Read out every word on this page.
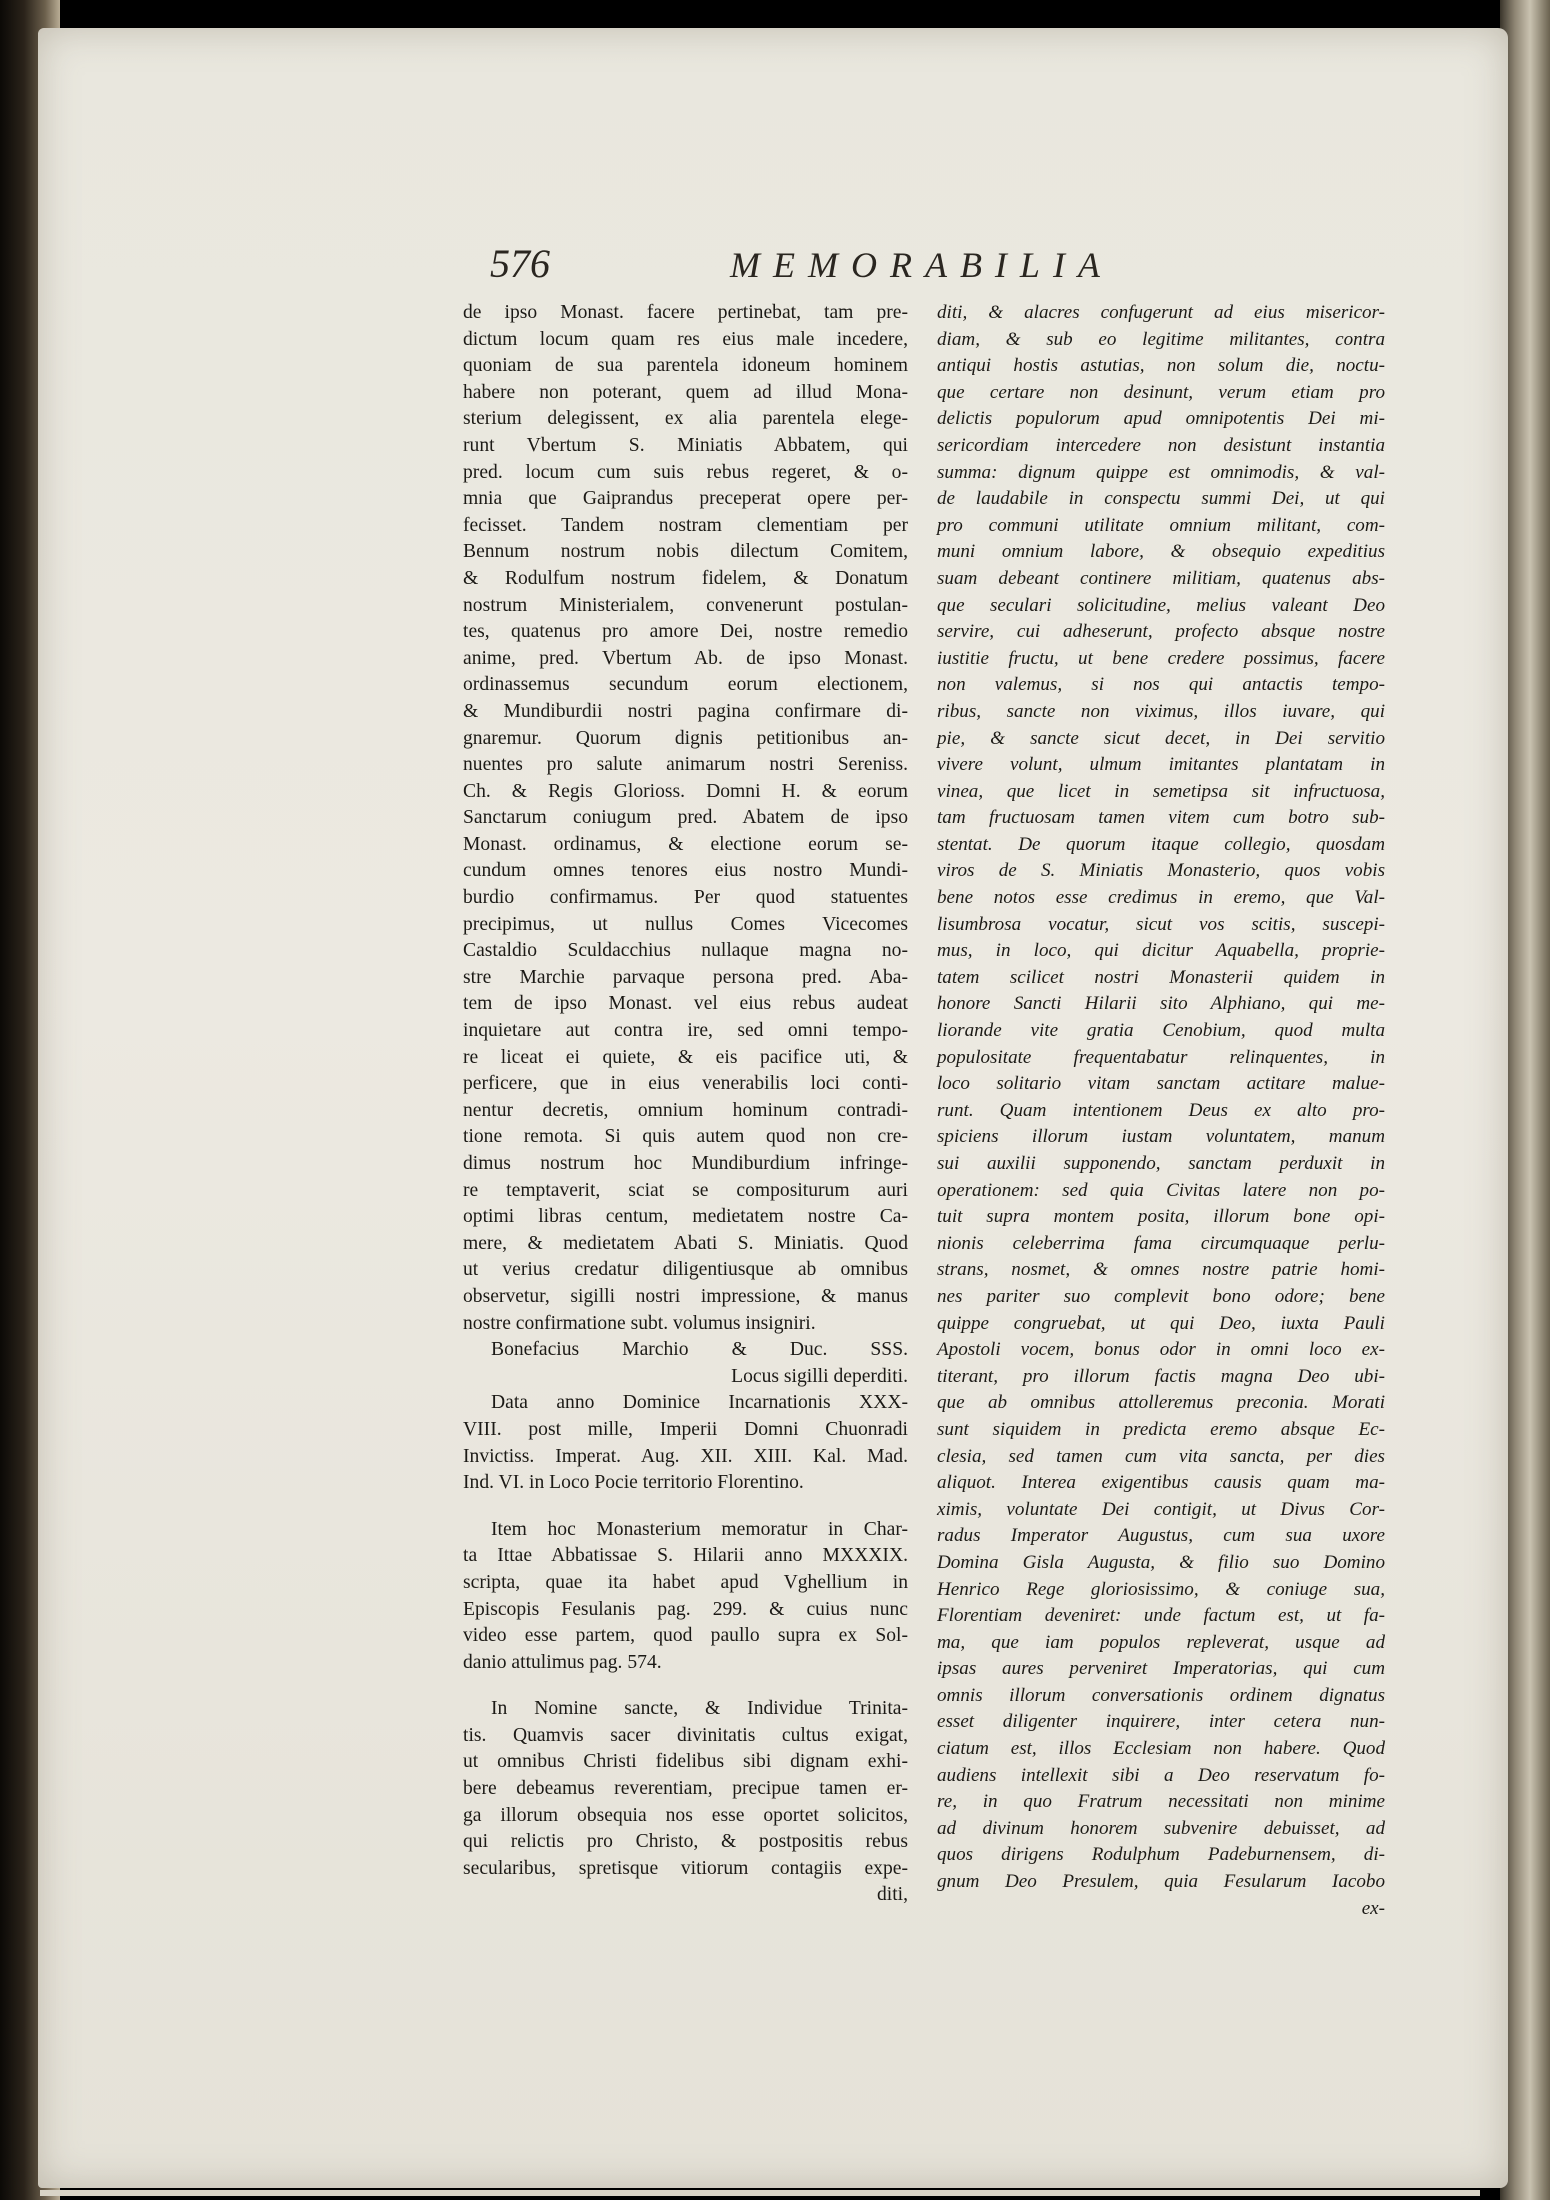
576	MEMORABILIA
de ipso Monast. facere pertinebat, tam pre-
dictum locum quam res eius male incedere,
quoniam de sua parentela idoneum hominem
habere non poterant, quem ad illud Mona-
sterium delegissent, ex alia parentela elege-
runt Vbertum S. Miniatis Abbatem, qui
pred. locum cum suis rebus regeret, & o-
mnia que Gaiprandus preceperat opere per-
fecisset. Tandem nostram clementiam per
Bennum nostrum nobis dilectum Comitem,
& Rodulfum nostrum fidelem, & Donatum
nostrum Ministerialem, convenerunt postulan-
tes, quatenus pro amore Dei, nostre remedio
anime, pred. Vbertum Ab. de ipso Monast.
ordinassemus secundum eorum electionem,
& Mundiburdii nostri pagina confirmare di-
gnaremur. Quorum dignis petitionibus an-
nuentes pro salute animarum nostri Sereniss.
Ch. & Regis Glorioss. Domni H. & eorum
Sanctarum coniugum pred. Abatem de ipso
Monast. ordinamus, & electione eorum se-
cundum omnes tenores eius nostro Mundi-
burdio confirmamus. Per quod statuentes
precipimus, ut nullus Comes Vicecomes
Castaldio Sculdacchius nullaque magna no-
stre Marchie parvaque persona pred. Aba-
tem de ipso Monast. vel eius rebus audeat
inquietare aut contra ire, sed omni tempo-
re liceat ei quiete, & eis pacifice uti, &
perficere, que in eius venerabilis loci conti-
nentur decretis, omnium hominum contradi-
tione remota. Si quis autem quod non cre-
dimus nostrum hoc Mundiburdium infringe-
re temptaverit, sciat se compositurum auri
optimi libras centum, medietatem nostre Ca-
mere, & medietatem Abati S. Miniatis. Quod
ut verius credatur diligentiusque ab omnibus
observetur, sigilli nostri impressione, & manus
nostre confirmatione subt. volumus insigniri.
Bonefacius Marchio & Duc. SSS.
Locus sigilli deperditi.
Data anno Dominice Incarnationis XXX-
VIII. post mille, Imperii Domni Chuonradi
Invictiss. Imperat. Aug. XII. XIII. Kal. Mad.
Ind. VI. in Loco Pocie territorio Florentino.
Item hoc Monasterium memoratur in Char-
ta Ittae Abbatissae S. Hilarii anno MXXXIX.
scripta, quae ita habet apud Vghellium in
Episcopis Fesulanis pag. 299. & cuius nunc
video esse partem, quod paullo supra ex Sol-
danio attulimus pag. 574.
In Nomine sancte, & Individue Trinita-
tis. Quamvis sacer divinitatis cultus exigat,
ut omnibus Christi fidelibus sibi dignam exhi-
bere debeamus reverentiam, precipue tamen er-
ga illorum obsequia nos esse oportet solicitos,
qui relictis pro Christo, & postpositis rebus
secularibus, spretisque vitiorum contagiis expe-
diti,
diti, & alacres confugerunt ad eius misericor-
diam, & sub eo legitime militantes, contra
antiqui hostis astutias, non solum die, noctu-
que certare non desinunt, verum etiam pro
delictis populorum apud omnipotentis Dei mi-
sericordiam intercedere non desistunt instantia
summa: dignum quippe est omnimodis, & val-
de laudabile in conspectu summi Dei, ut qui
pro communi utilitate omnium militant, com-
muni omnium labore, & obsequio expeditius
suam debeant continere militiam, quatenus abs-
que seculari solicitudine, melius valeant Deo
servire, cui adheserunt, profecto absque nostre
iustitie fructu, ut bene credere possimus, facere
non valemus, si nos qui antactis tempo-
ribus, sancte non viximus, illos iuvare, qui
pie, & sancte sicut decet, in Dei servitio
vivere volunt, ulmum imitantes plantatam in
vinea, que licet in semetipsa sit infructuosa,
tam fructuosam tamen vitem cum botro sub-
stentat. De quorum itaque collegio, quosdam
viros de S. Miniatis Monasterio, quos vobis
bene notos esse credimus in eremo, que Val-
lisumbrosa vocatur, sicut vos scitis, suscepi-
mus, in loco, qui dicitur Aquabella, proprie-
tatem scilicet nostri Monasterii quidem in
honore Sancti Hilarii sito Alphiano, qui me-
liorande vite gratia Cenobium, quod multa
populositate frequentabatur relinquentes, in
loco solitario vitam sanctam actitare malue-
runt. Quam intentionem Deus ex alto pro-
spiciens illorum iustam voluntatem, manum
sui auxilii supponendo, sanctam perduxit in
operationem: sed quia Civitas latere non po-
tuit supra montem posita, illorum bone opi-
nionis celeberrima fama circumquaque perlu-
strans, nosmet, & omnes nostre patrie homi-
nes pariter suo complevit bono odore; bene
quippe congruebat, ut qui Deo, iuxta Pauli
Apostoli vocem, bonus odor in omni loco ex-
titerant, pro illorum factis magna Deo ubi-
que ab omnibus attolleremus preconia. Morati
sunt siquidem in predicta eremo absque Ec-
clesia, sed tamen cum vita sancta, per dies
aliquot. Interea exigentibus causis quam ma-
ximis, voluntate Dei contigit, ut Divus Cor-
radus Imperator Augustus, cum sua uxore
Domina Gisla Augusta, & filio suo Domino
Henrico Rege gloriosissimo, & coniuge sua,
Florentiam deveniret: unde factum est, ut fa-
ma, que iam populos repleverat, usque ad
ipsas aures perveniret Imperatorias, qui cum
omnis illorum conversationis ordinem dignatus
esset diligenter inquirere, inter cetera nun-
ciatum est, illos Ecclesiam non habere. Quod
audiens intellexit sibi a Deo reservatum fo-
re, in quo Fratrum necessitati non minime
ad divinum honorem subvenire debuisset, ad
quos dirigens Rodulphum Padeburnensem, di-
gnum Deo Presulem, quia Fesularum Iacobo
ex-
